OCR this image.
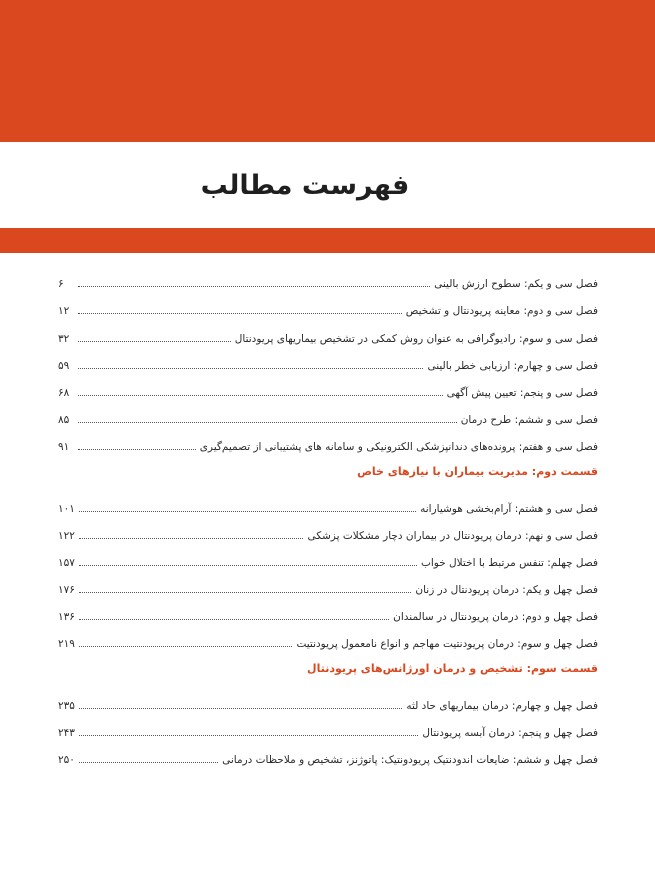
فهرست مطالب
فصل سی و یکم: سطوح ارزش بالینی
۶
فصل سی و دوم: معاینه پریودنتال و تشخیص
۱۲
فصل سی و سوم: رادیوگرافی به عنوان روش کمکی در تشخیص بیماریهای پریودنتال
۳۲
فصل سی و چهارم: ارزیابی خطر بالینی
۵۹
فصل سی و پنجم: تعیین پیش آگهی
۶۸
فصل سی و ششم: طرح درمان
۸۵
فصل سی و هفتم: پرونده‌های دندانپزشکی الکترونیکی و سامانه های پشتیبانی از تصمیم‌گیری
۹۱
قسمت دوم: مدیریت بیماران با نیازهای خاص
فصل سی و هشتم: آرام‌بخشی هوشیارانه
۱۰۱
فصل سی و نهم: درمان پریودنتال در بیماران دچار مشکلات پزشکی
۱۲۲
فصل چهلم: تنفس مرتبط با اختلال خواب
۱۵۷
فصل چهل و یکم: درمان پریودنتال در زنان
۱۷۶
فصل چهل و دوم: درمان پریودنتال در سالمندان
۱۳۶
فصل چهل و سوم: درمان پریودنتیت مهاجم و انواع نامعمول پریودنتیت
۲۱۹
قسمت سوم: تشخیص و درمان اورژانس‌های پریودنتال
فصل چهل و چهارم: درمان بیماریهای حاد لثه
۲۳۵
فصل چهل و پنجم: درمان آبسه پریودنتال
۲۴۳
فصل چهل و ششم: ضایعات اندودنتیک پریودونتیک: پاتوژنز، تشخیص و ملاحظات درمانی
۲۵۰
